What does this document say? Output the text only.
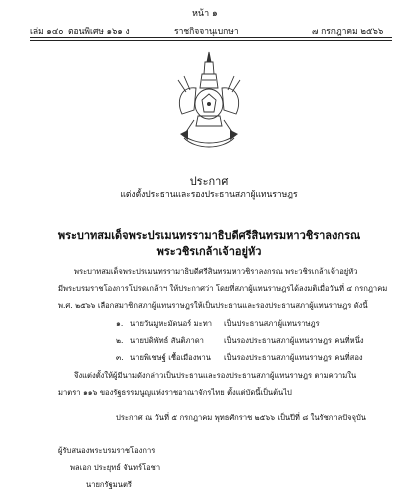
หน้า ๑
เล่ม ๑๔๐ ตอนพิเศษ ๑๖๑ ง	ราชกิจจานุเบกษา	๗ กรกฎาคม ๒๕๖๖
ประกาศ
แต่งตั้งประธานและรองประธานสภาผู้แทนราษฎร
พระบาทสมเด็จพระปรเมนทรรามาธิบดีศรีสินทรมหาวชิราลงกรณ
พระวชิรเกล้าเจ้าอยู่หัว
พระบาทสมเด็จพระปรเมนทรรามาธิบดีศรีสินทรมหาวชิราลงกรณ พระวชิรเกล้าเจ้าอยู่หัว
มีพระบรมราชโองการโปรดเกล้าฯ ให้ประกาศว่า โดยที่สภาผู้แทนราษฎรได้ลงมติเมื่อวันที่ ๔ กรกฎาคม
พ.ศ. ๒๕๖๖ เลือกสมาชิกสภาผู้แทนราษฎรให้เป็นประธานและรองประธานสภาผู้แทนราษฎร ดังนี้
๑. นายวันมูหะมัดนอร์ มะทา เป็นประธานสภาผู้แทนราษฎร
๒. นายปดิพัทธ์ สันติภาดา	เป็นรองประธานสภาผู้แทนราษฎร คนที่หนึ่ง
๓. นายพิเชษฐ์ เชื้อเมืองพาน เป็นรองประธานสภาผู้แทนราษฎร คนที่สอง
จึงแต่งตั้งให้ผู้มีนามดังกล่าวเป็นประธานและรองประธานสภาผู้แทนราษฎร ตามความใน
มาตรา ๑๑๖ ของรัฐธรรมนูญแห่งราชอาณาจักรไทย ตั้งแต่บัดนี้เป็นต้นไป
ประกาศ ณ วันที่ ๕ กรกฎาคม พุทธศักราช ๒๕๖๖ เป็นปีที่ ๘ ในรัชกาลปัจจุบัน
ผู้รับสนองพระบรมราชโองการ
พลเอก ประยุทธ์ จันทร์โอชา
นายกรัฐมนตรี
